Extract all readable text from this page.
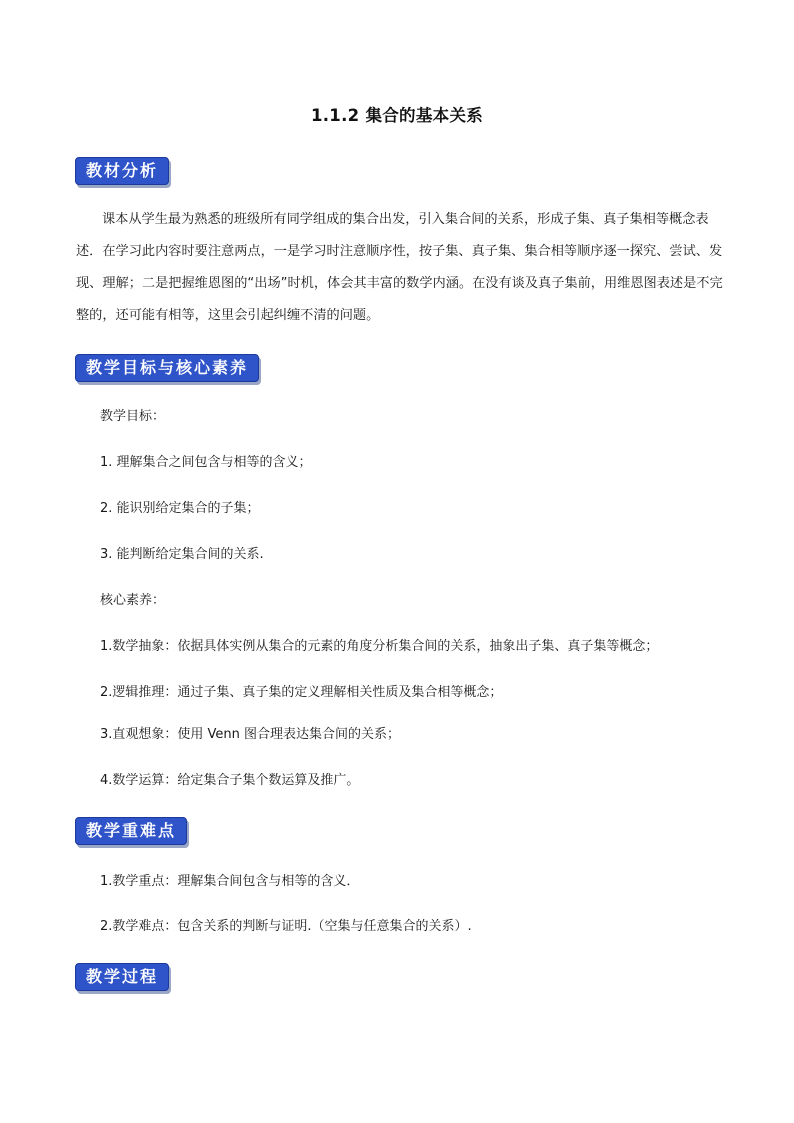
1.1.2 集合的基本关系
教材分析

课本从学生最为熟悉的班级所有同学组成的集合出发，引入集合间的关系，形成子集、真子集相等概念表述．在学习此内容时要注意两点，一是学习时注意顺序性，按子集、真子集、集合相等顺序逐一探究、尝试、发现、理解；二是把握维恩图的“出场”时机，体会其丰富的数学内涵。在没有谈及真子集前，用维恩图表述是不完整的，还可能有相等，这里会引起纠缠不清的问题。

教学目标与核心素养

教学目标：

1. 理解集合之间包含与相等的含义；

2. 能识别给定集合的子集；

3. 能判断给定集合间的关系.

核心素养：

1.数学抽象：依据具体实例从集合的元素的角度分析集合间的关系，抽象出子集、真子集等概念；

2.逻辑推理：通过子集、真子集的定义理解相关性质及集合相等概念；

3.直观想象：使用 Venn 图合理表达集合间的关系；

4.数学运算：给定集合子集个数运算及推广。

教学重难点

1.教学重点：理解集合间包含与相等的含义．

2.教学难点：包含关系的判断与证明.（空集与任意集合的关系）.

教学过程
